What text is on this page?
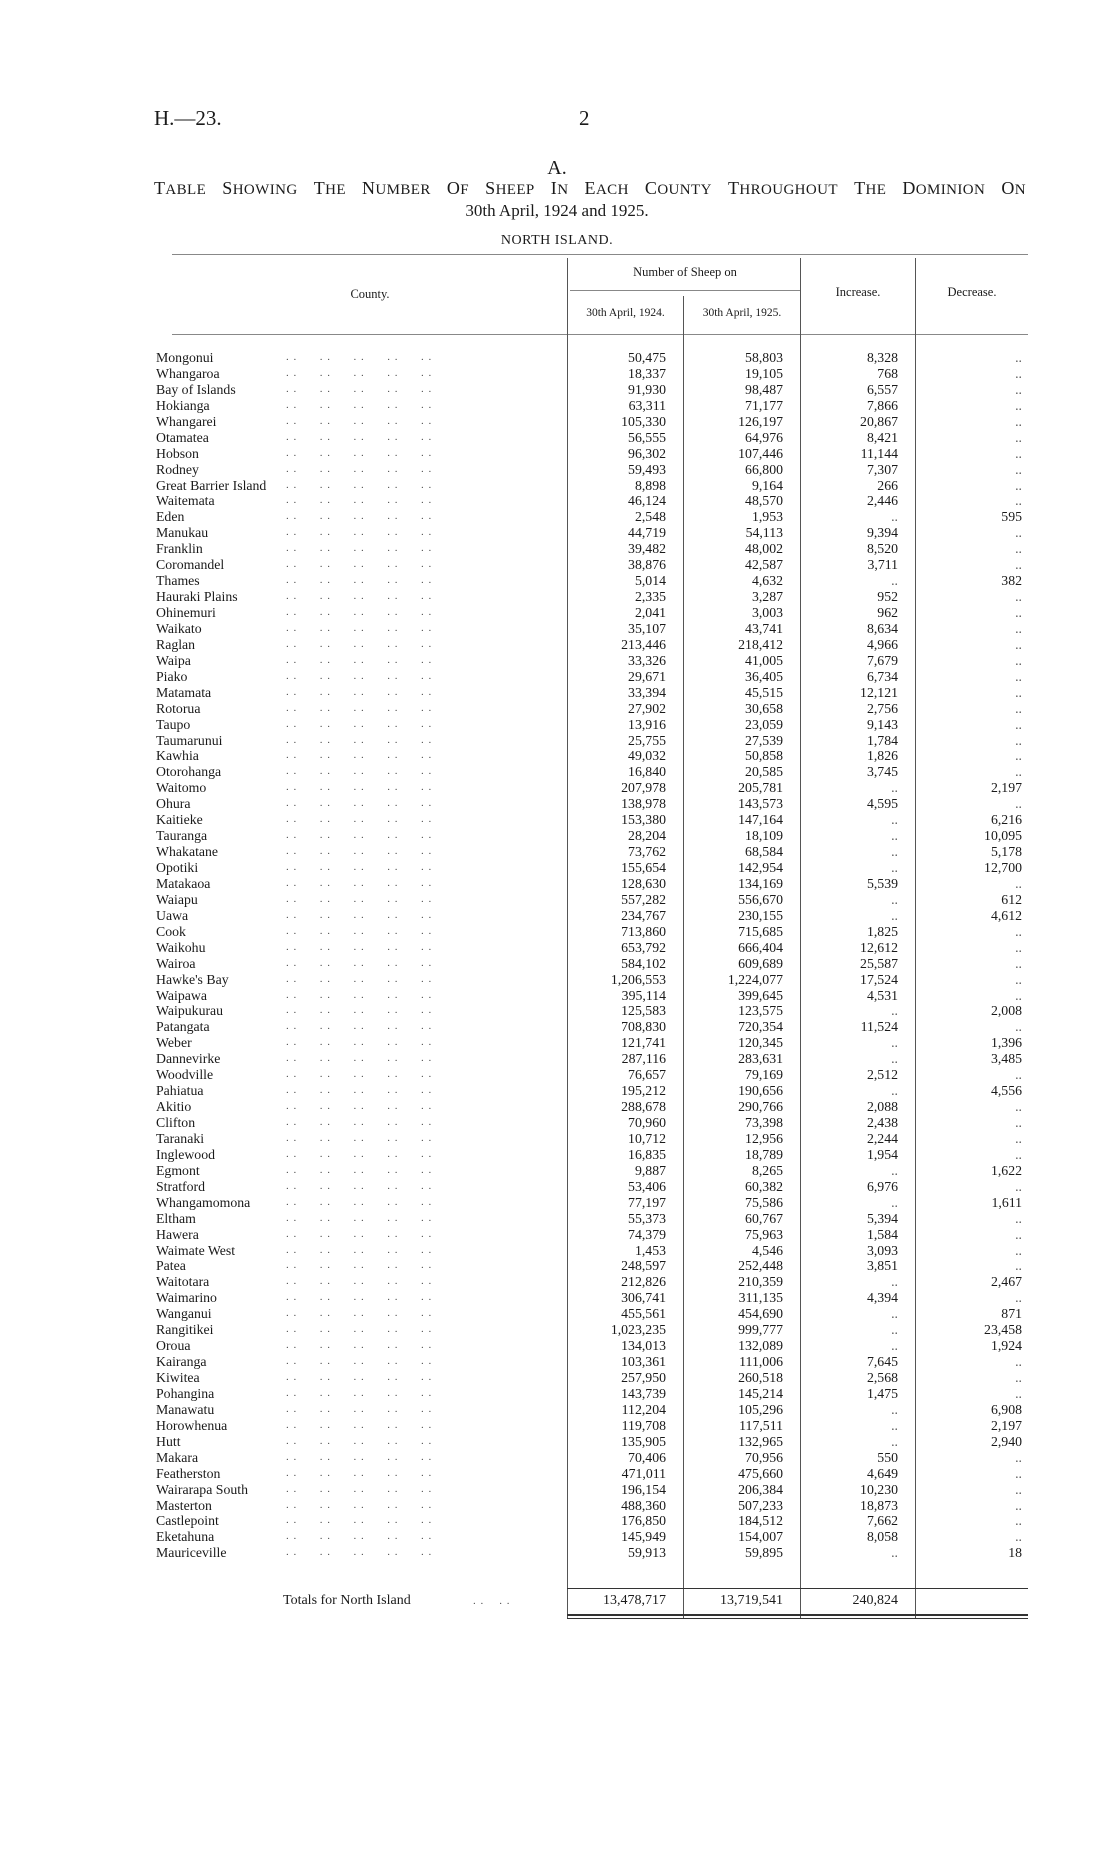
H.—23.	2
A.
TABLE SHOWING THE NUMBER OF SHEEP IN EACH COUNTY THROUGHOUT THE DOMINION ON
30th April, 1924 and 1925.
NORTH ISLAND.
County.
Number of Sheep on
30th April, 1924.	30th April, 1925.
Increase.	Decrease.
Mongonui	50,475	58,803	8,328	..
. .      . .      . .      . .      . .
Whangaroa	18,337	19,105	768	..
. .      . .      . .      . .      . .
Bay of Islands	91,930	98,487	6,557	..
. .      . .      . .      . .      . .
Hokianga	63,311	71,177	7,866	..
. .      . .      . .      . .      . .
Whangarei	105,330	126,197	20,867	..
. .      . .      . .      . .      . .
Otamatea	56,555	64,976	8,421	..
. .      . .      . .      . .      . .
Hobson	96,302	107,446	11,144	..
. .      . .      . .      . .      . .
Rodney	59,493	66,800	7,307	..
. .      . .      . .      . .      . .
Great Barrier Island	8,898	9,164	266	..
. .      . .      . .      . .      . .
Waitemata	46,124	48,570	2,446	..
. .      . .      . .      . .      . .
Eden	2,548	1,953	..	595
. .      . .      . .      . .      . .
Manukau	44,719	54,113	9,394	..
. .      . .      . .      . .      . .
Franklin	39,482	48,002	8,520	..
. .      . .      . .      . .      . .
Coromandel	38,876	42,587	3,711	..
. .      . .      . .      . .      . .
Thames	5,014	4,632	..	382
. .      . .      . .      . .      . .
Hauraki Plains	2,335	3,287	952	..
. .      . .      . .      . .      . .
Ohinemuri	2,041	3,003	962	..
. .      . .      . .      . .      . .
Waikato	35,107	43,741	8,634	..
. .      . .      . .      . .      . .
Raglan	213,446	218,412	4,966	..
. .      . .      . .      . .      . .
Waipa	33,326	41,005	7,679	..
. .      . .      . .      . .      . .
Piako	29,671	36,405	6,734	..
. .      . .      . .      . .      . .
Matamata	33,394	45,515	12,121	..
. .      . .      . .      . .      . .
Rotorua	27,902	30,658	2,756	..
. .      . .      . .      . .      . .
Taupo	13,916	23,059	9,143	..
. .      . .      . .      . .      . .
Taumarunui	25,755	27,539	1,784	..
. .      . .      . .      . .      . .
Kawhia	49,032	50,858	1,826	..
. .      . .      . .      . .      . .
Otorohanga	16,840	20,585	3,745	..
. .      . .      . .      . .      . .
Waitomo	207,978	205,781	..	2,197
. .      . .      . .      . .      . .
Ohura	138,978	143,573	4,595	..
. .      . .      . .      . .      . .
Kaitieke	153,380	147,164	..	6,216
. .      . .      . .      . .      . .
Tauranga	28,204	18,109	..	10,095
. .      . .      . .      . .      . .
Whakatane	73,762	68,584	..	5,178
. .      . .      . .      . .      . .
Opotiki	155,654	142,954	..	12,700
. .      . .      . .      . .      . .
Matakaoa	128,630	134,169	5,539	..
. .      . .      . .      . .      . .
Waiapu	557,282	556,670	..	612
. .      . .      . .      . .      . .
Uawa	234,767	230,155	..	4,612
. .      . .      . .      . .      . .
Cook	713,860	715,685	1,825	..
. .      . .      . .      . .      . .
Waikohu	653,792	666,404	12,612	..
. .      . .      . .      . .      . .
Wairoa	584,102	609,689	25,587	..
. .      . .      . .      . .      . .
Hawke's Bay	1,206,553	1,224,077	17,524	..
. .      . .      . .      . .      . .
Waipawa	395,114	399,645	4,531	..
. .      . .      . .      . .      . .
Waipukurau	125,583	123,575	..	2,008
. .      . .      . .      . .      . .
Patangata	708,830	720,354	11,524	..
. .      . .      . .      . .      . .
Weber	121,741	120,345	..	1,396
. .      . .      . .      . .      . .
Dannevirke	287,116	283,631	..	3,485
. .      . .      . .      . .      . .
Woodville	76,657	79,169	2,512	..
. .      . .      . .      . .      . .
Pahiatua	195,212	190,656	..	4,556
. .      . .      . .      . .      . .
Akitio	288,678	290,766	2,088	..
. .      . .      . .      . .      . .
Clifton	70,960	73,398	2,438	..
. .      . .      . .      . .      . .
Taranaki	10,712	12,956	2,244	..
. .      . .      . .      . .      . .
Inglewood	16,835	18,789	1,954	..
. .      . .      . .      . .      . .
Egmont	9,887	8,265	..	1,622
. .      . .      . .      . .      . .
Stratford	53,406	60,382	6,976	..
. .      . .      . .      . .      . .
Whangamomona	77,197	75,586	..	1,611
. .      . .      . .      . .      . .
Eltham	55,373	60,767	5,394	..
. .      . .      . .      . .      . .
Hawera	74,379	75,963	1,584	..
. .      . .      . .      . .      . .
Waimate West	1,453	4,546	3,093	..
. .      . .      . .      . .      . .
Patea	248,597	252,448	3,851	..
. .      . .      . .      . .      . .
Waitotara	212,826	210,359	..	2,467
. .      . .      . .      . .      . .
Waimarino	306,741	311,135	4,394	..
. .      . .      . .      . .      . .
Wanganui	455,561	454,690	..	871
. .      . .      . .      . .      . .
Rangitikei	1,023,235	999,777	..	23,458
. .      . .      . .      . .      . .
Oroua	134,013	132,089	..	1,924
. .      . .      . .      . .      . .
Kairanga	103,361	111,006	7,645	..
. .      . .      . .      . .      . .
Kiwitea	257,950	260,518	2,568	..
. .      . .      . .      . .      . .
Pohangina	143,739	145,214	1,475	..
. .      . .      . .      . .      . .
Manawatu	112,204	105,296	..	6,908
. .      . .      . .      . .      . .
Horowhenua	119,708	117,511	..	2,197
. .      . .      . .      . .      . .
Hutt	135,905	132,965	..	2,940
. .      . .      . .      . .      . .
Makara	70,406	70,956	550	..
. .      . .      . .      . .      . .
Featherston	471,011	475,660	4,649	..
. .      . .      . .      . .      . .
Wairarapa South	196,154	206,384	10,230	..
. .      . .      . .      . .      . .
Masterton	488,360	507,233	18,873	..
. .      . .      . .      . .      . .
Castlepoint	176,850	184,512	7,662	..
. .      . .      . .      . .      . .
Eketahuna	145,949	154,007	8,058	..
. .      . .      . .      . .      . .
Mauriceville	59,913	59,895	..	18
. .      . .      . .      . .      . .
Totals for North Island	. .    . .	13,478,717	13,719,541	240,824
